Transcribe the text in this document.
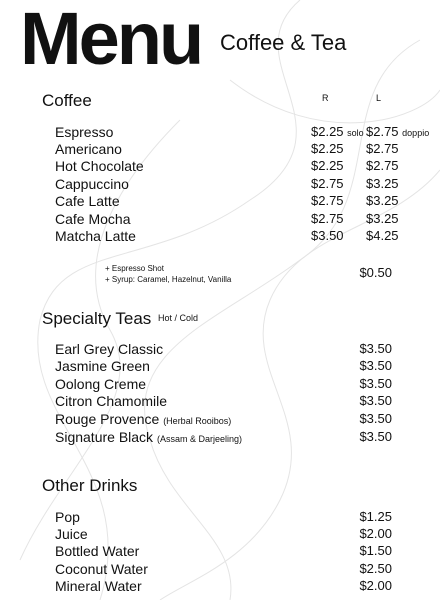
Menu Coffee & Tea
Coffee	R	L
Espresso	$2.25 solo $2.75 doppio
Americano	$2.25 $2.75
Hot Chocolate	$2.25 $2.75
Cappuccino	$2.75 $3.25
Cafe Latte	$2.75 $3.25
Cafe Mocha	$2.75 $3.25
Matcha Latte	$3.50 $4.25
+ Espresso Shot
+ Syrup: Caramel, Hazelnut, Vanilla	$0.50
Specialty Teas Hot / Cold
Earl Grey Classic	$3.50
Jasmine Green	$3.50
Oolong Creme	$3.50
Citron Chamomile	$3.50
Rouge Provence (Herbal Rooibos)	$3.50
Signature Black (Assam & Darjeeling)	$3.50
Other Drinks
Pop	$1.25
Juice	$2.00
Bottled Water	$1.50
Coconut Water	$2.50
Mineral Water	$2.00
